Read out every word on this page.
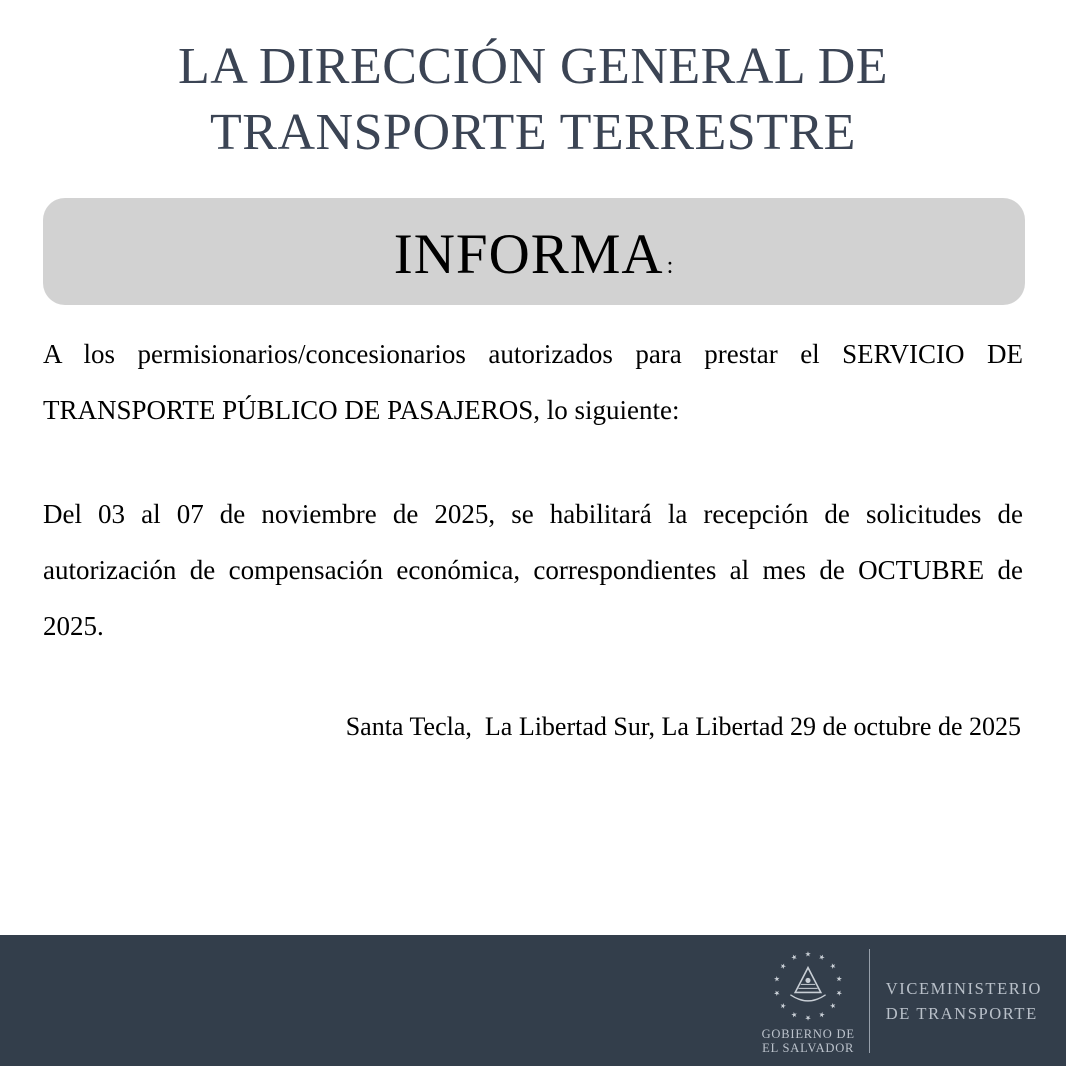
LA DIRECCIÓN GENERAL DE
TRANSPORTE TERRESTRE
INFORMA :

A los permisionarios/concesionarios autorizados para prestar el SERVICIO DE TRANSPORTE PÚBLICO DE PASAJEROS, lo siguiente:

Del 03 al 07 de noviembre de 2025, se habilitará la recepción de solicitudes de autorización de compensación económica, correspondientes al mes de OCTUBRE de 2025.

Santa Tecla,  La Libertad Sur, La Libertad 29 de octubre de 2025

★ ★
★
★
★
★
★
★
★
★
★
★
★
★
GOBIERNO DE
EL SALVADOR
VICEMINISTERIO
DE TRANSPORTE
